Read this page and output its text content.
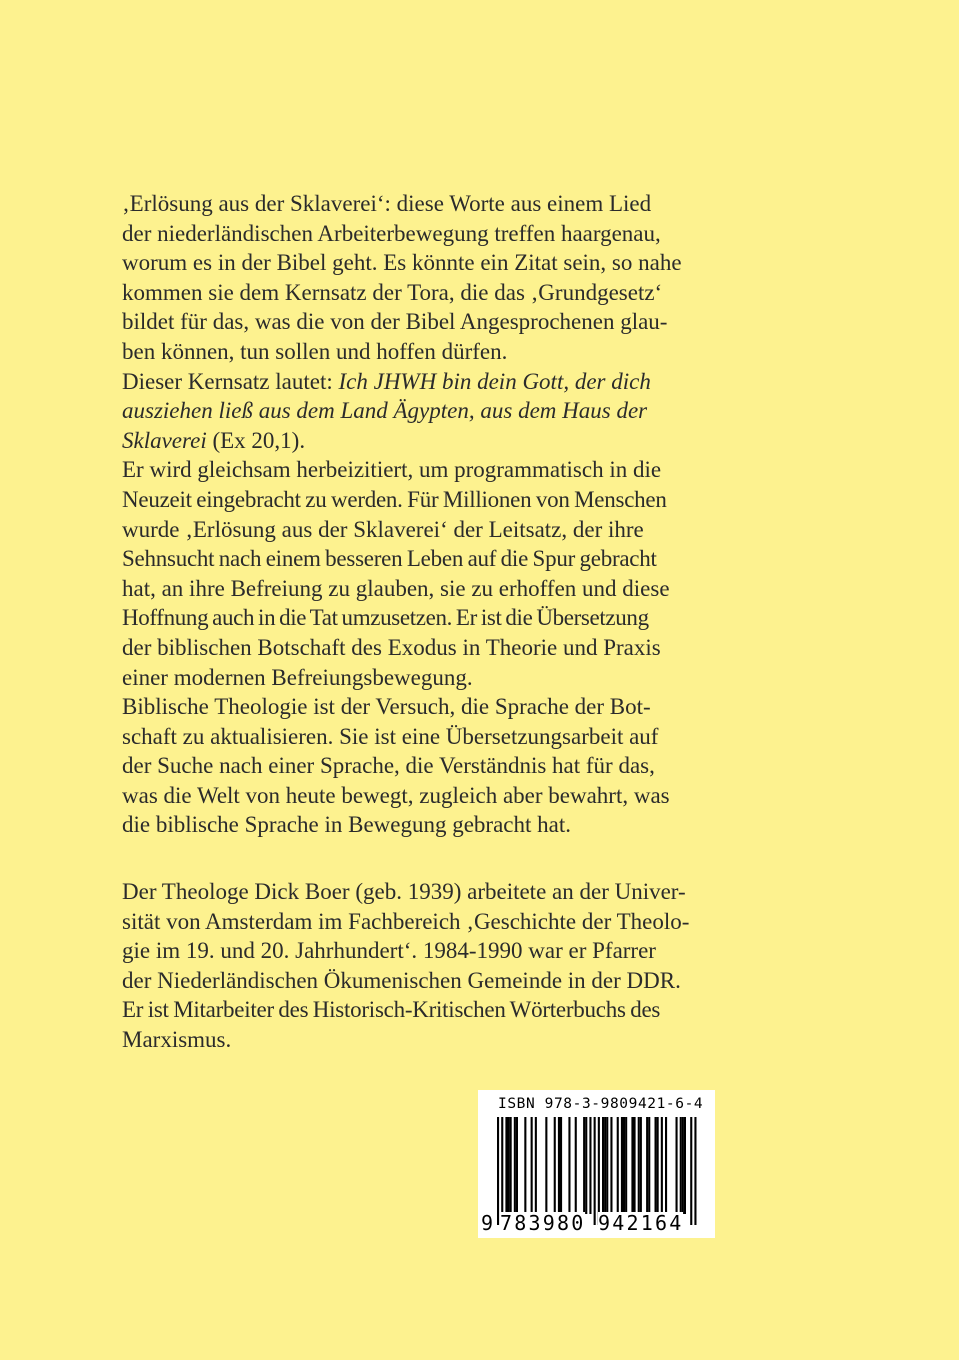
‚Erlösung aus der Sklaverei‘: diese Worte aus einem Lied
der niederländischen Arbeiterbewegung treffen haargenau,
worum es in der Bibel geht. Es könnte ein Zitat sein, so nahe
kommen sie dem Kernsatz der Tora, die das ‚Grundgesetz‘
bildet für das, was die von der Bibel Angesprochenen glau-
ben können, tun sollen und hoffen dürfen.

Dieser Kernsatz lautet: Ich JHWH bin dein Gott, der dich
ausziehen ließ aus dem Land Ägypten, aus dem Haus der
Sklaverei (Ex 20,1).

Er wird gleichsam herbeizitiert, um programmatisch in die
Neuzeit eingebracht zu werden. Für Millionen von Menschen
wurde ‚Erlösung aus der Sklaverei‘ der Leitsatz, der ihre
Sehnsucht nach einem besseren Leben auf die Spur gebracht
hat, an ihre Befreiung zu glauben, sie zu erhoffen und diese
Hoffnung auch in die Tat umzusetzen. Er ist die Übersetzung
der biblischen Botschaft des Exodus in Theorie und Praxis
einer modernen Befreiungsbewegung.

Biblische Theologie ist der Versuch, die Sprache der Bot-
schaft zu aktualisieren. Sie ist eine Übersetzungsarbeit auf
der Suche nach einer Sprache, die Verständnis hat für das,
was die Welt von heute bewegt, zugleich aber bewahrt, was
die biblische Sprache in Bewegung gebracht hat.

Der Theologe Dick Boer (geb. 1939) arbeitete an der Univer-
sität von Amsterdam im Fachbereich ‚Geschichte der Theolo-
gie im 19. und 20. Jahrhundert‘. 1984-1990 war er Pfarrer
der Niederländischen Ökumenischen Gemeinde in der DDR.
Er ist Mitarbeiter des Historisch-Kritischen Wörterbuchs des
Marxismus.

ISBN 978-3-9809421-6-4
9 783980 942164
